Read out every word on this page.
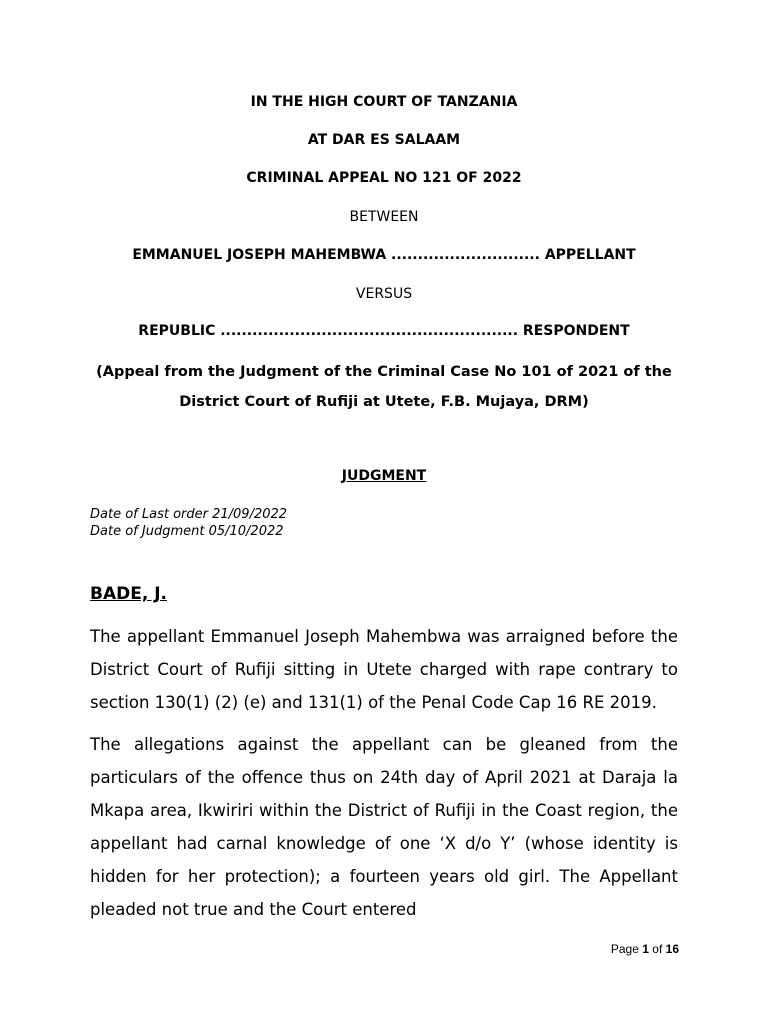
IN THE HIGH COURT OF TANZANIA
AT DAR ES SALAAM
CRIMINAL APPEAL NO 121 OF 2022
BETWEEN
EMMANUEL JOSEPH MAHEMBWA ............................ APPELLANT
VERSUS
REPUBLIC ........................................................ RESPONDENT
(Appeal from the Judgment of the Criminal Case No 101 of 2021 of the
District Court of Rufiji at Utete, F.B. Mujaya, DRM)
JUDGMENT
Date of Last order 21/09/2022
Date of Judgment 05/10/2022
BADE, J.
The appellant Emmanuel Joseph Mahembwa was arraigned before the District Court of Rufiji sitting in Utete charged with rape contrary to section 130(1) (2) (e) and 131(1) of the Penal Code Cap 16 RE 2019.
The allegations against the appellant can be gleaned from the particulars of the offence thus on 24th day of April 2021 at Daraja la Mkapa area, Ikwiriri within the District of Rufiji in the Coast region, the appellant had carnal knowledge of one ‘X d/o Y’ (whose identity is hidden for her protection); a fourteen years old girl. The Appellant pleaded not true and the Court entered
Page 1 of 16
